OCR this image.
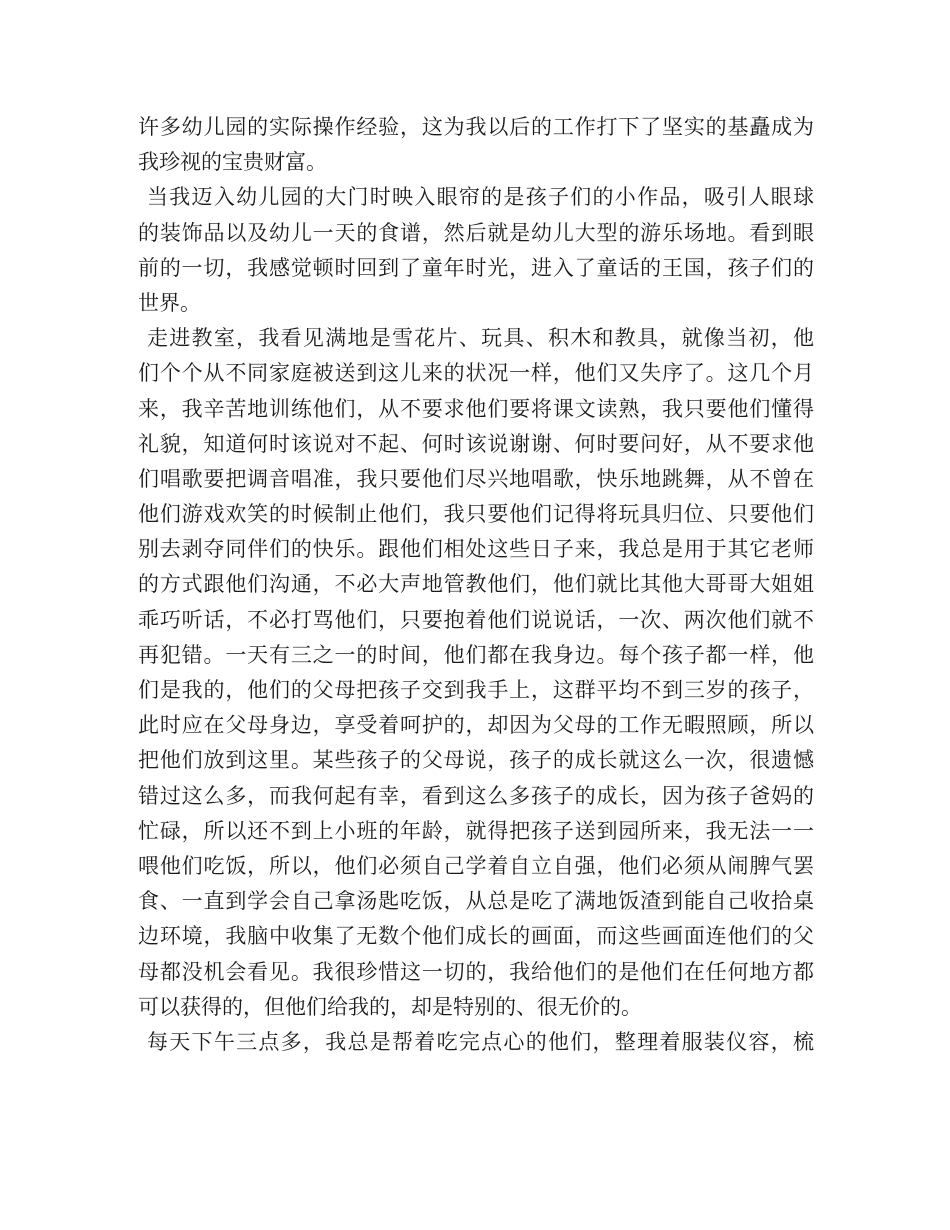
许多幼儿园的实际操作经验，这为我以后的工作打下了坚实的基矗成为
我珍视的宝贵财富。
当我迈入幼儿园的大门时映入眼帘的是孩子们的小作品，吸引人眼球
的装饰品以及幼儿一天的食谱，然后就是幼儿大型的游乐场地。看到眼
前的一切，我感觉顿时回到了童年时光，进入了童话的王国，孩子们的
世界。
走进教室，我看见满地是雪花片、玩具、积木和教具，就像当初，他
们个个从不同家庭被送到这儿来的状况一样，他们又失序了。这几个月
来，我辛苦地训练他们，从不要求他们要将课文读熟，我只要他们懂得
礼貌，知道何时该说对不起、何时该说谢谢、何时要问好，从不要求他
们唱歌要把调音唱准，我只要他们尽兴地唱歌，快乐地跳舞，从不曾在
他们游戏欢笑的时候制止他们，我只要他们记得将玩具归位、只要他们
别去剥夺同伴们的快乐。跟他们相处这些日子来，我总是用于其它老师
的方式跟他们沟通，不必大声地管教他们，他们就比其他大哥哥大姐姐
乖巧听话，不必打骂他们，只要抱着他们说说话，一次、两次他们就不
再犯错。一天有三之一的时间，他们都在我身边。每个孩子都一样，他
们是我的，他们的父母把孩子交到我手上，这群平均不到三岁的孩子，
此时应在父母身边，享受着呵护的，却因为父母的工作无暇照顾，所以
把他们放到这里。某些孩子的父母说，孩子的成长就这么一次，很遗憾
错过这么多，而我何起有幸，看到这么多孩子的成长，因为孩子爸妈的
忙碌，所以还不到上小班的年龄，就得把孩子送到园所来，我无法一一
喂他们吃饭，所以，他们必须自己学着自立自强，他们必须从闹脾气罢
食、一直到学会自己拿汤匙吃饭，从总是吃了满地饭渣到能自己收拾桌
边环境，我脑中收集了无数个他们成长的画面，而这些画面连他们的父
母都没机会看见。我很珍惜这一切的，我给他们的是他们在任何地方都
可以获得的，但他们给我的，却是特别的、很无价的。
每天下午三点多，我总是帮着吃完点心的他们，整理着服装仪容，梳
